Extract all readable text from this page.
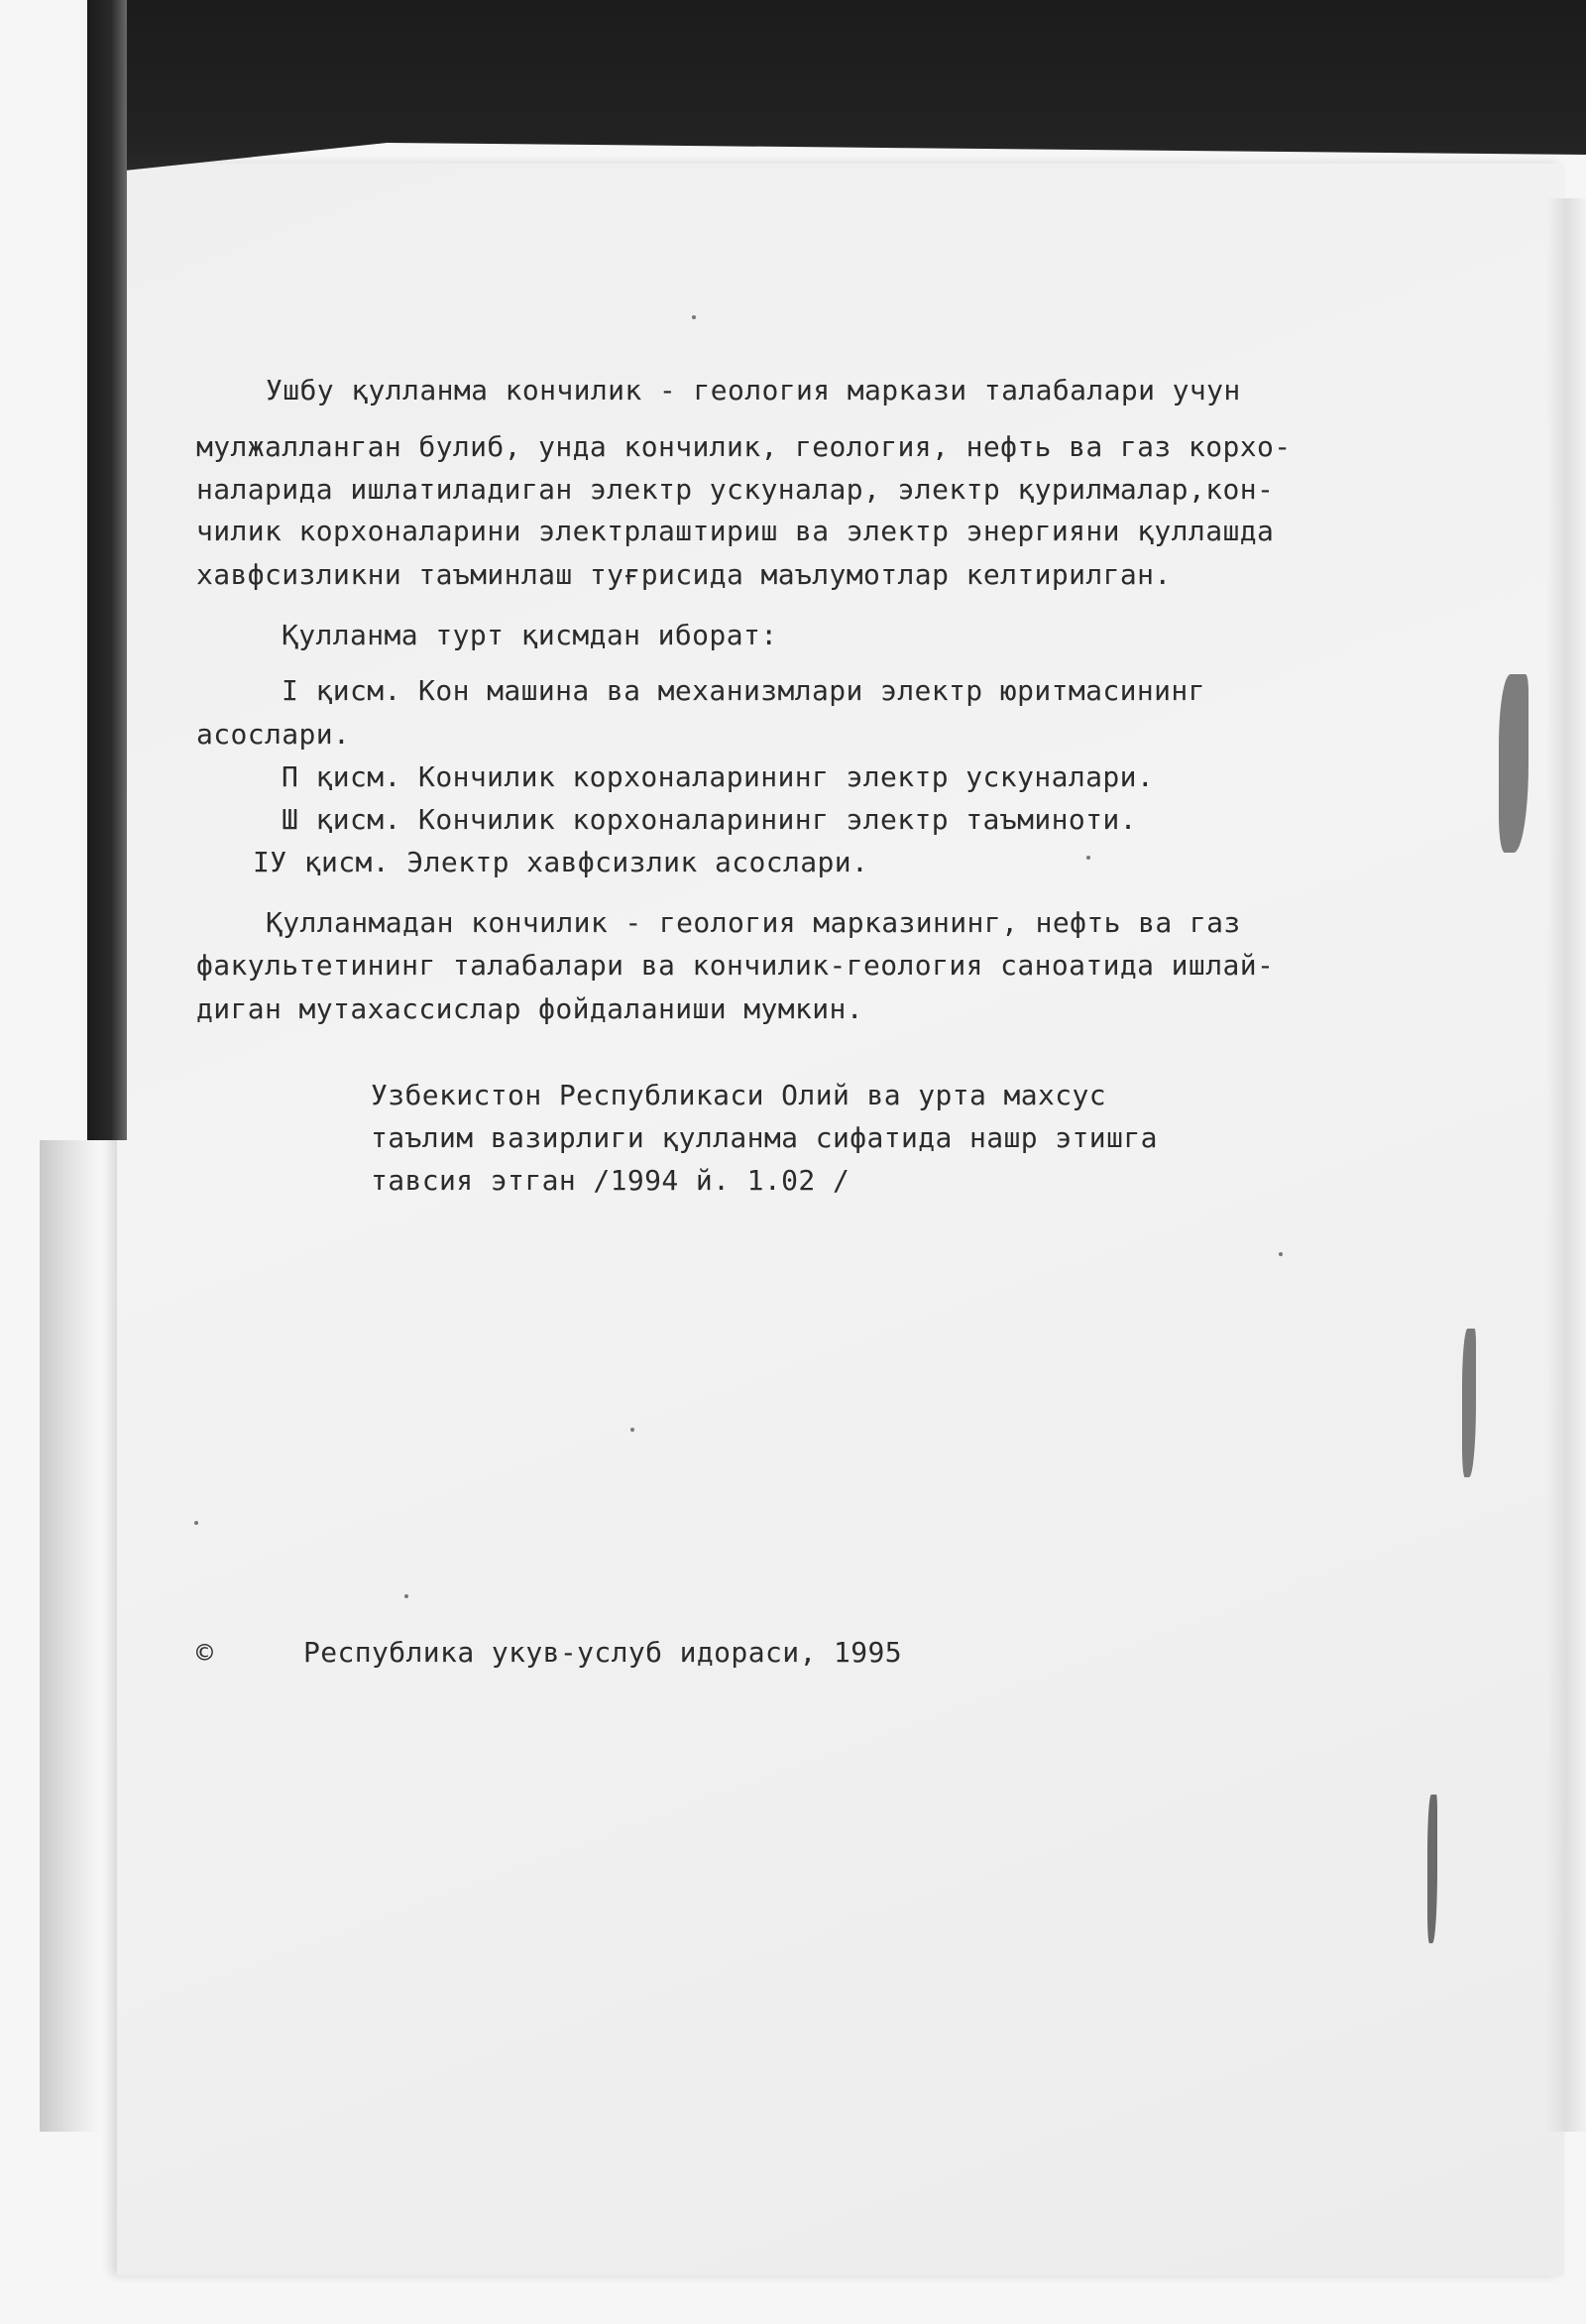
Ушбу қулланма кончилик - геология маркази талабалари учун
мулжалланган булиб, унда кончилик, геология, нефть ва газ корхо-
наларида ишлатиладиган электр ускуналар, электр қурилмалар,кон-
чилик корхоналарини электрлаштириш ва электр энергияни қуллашда
хавфсизликни таъминлаш туғрисида маълумотлар келтирилган.
Қулланма турт қисмдан иборат:
I қисм. Кон машина ва механизмлари электр юритмасининг
асослари.
П қисм. Кончилик корхоналарининг электр ускуналари.
Ш қисм. Кончилик корхоналарининг электр таъминоти.
IУ қисм. Электр хавфсизлик асослари.
Қулланмадан кончилик - геология марказининг, нефть ва газ
факультетининг талабалари ва кончилик-геология саноатида ишлай-
диган мутахассислар фойдаланиши мумкин.
Узбекистон Республикаси Олий ва урта махсус
таълим вазирлиги қулланма сифатида нашр этишга
тавсия этган /1994 й. 1.02 /
©	Республика укув-услуб идораси, 1995
